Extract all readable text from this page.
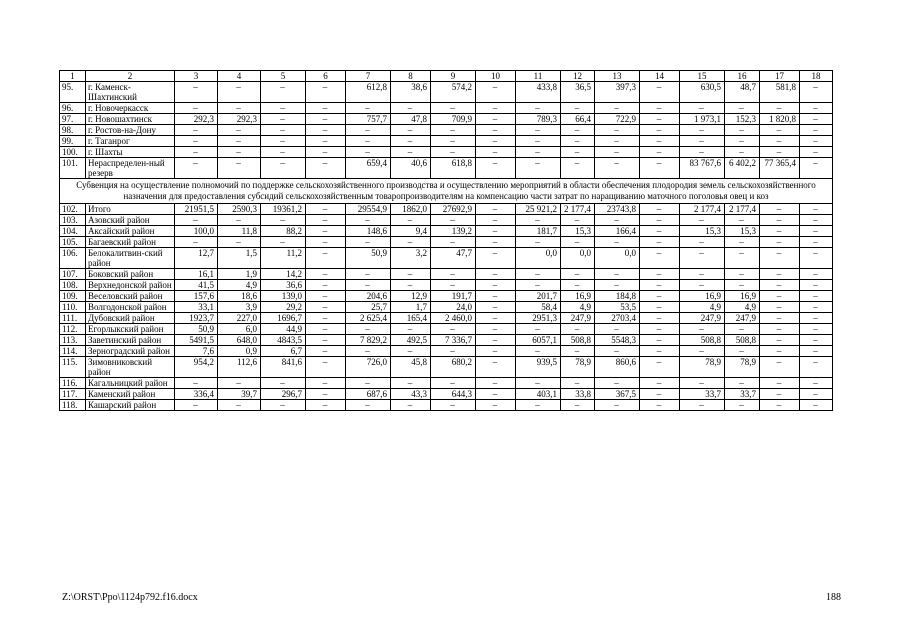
1	2	3	4	5	6	7	8	9	10	11	12	13	14	15	16	17	18
95.	г. Каменск-Шахтинский	–	–	–	–	612,8	38,6	574,2	–	433,8	36,5	397,3	–	630,5	48,7	581,8	–
96.	г. Новочеркасск	–	–	–	–	–	–	–	–	–	–	–	–	–	–	–	–
97.	г. Новошахтинск	292,3	292,3	–	–	757,7	47,8	709,9	–	789,3	66,4	722,9	–	1 973,1	152,3	1 820,8	–
98.	г. Ростов-на-Дону	–	–	–	–	–	–	–	–	–	–	–	–	–	–	–	–
99.	г. Таганрог	–	–	–	–	–	–	–	–	–	–	–	–	–	–	–	–
100.	г. Шахты	–	–	–	–	–	–	–	–	–	–	–	–	–	–	–	–
101.	Нераспределен-ный резерв	–	–	–	–	659,4	40,6	618,8	–	–	–	–	–	83 767,6	6 402,2	77 365,4	–
Субвенция на осуществление полномочий по поддержке сельскохозяйственного производства и осуществлению мероприятий в области обеспечения плодородия земель сельскохозяйственного назначения для предоставления субсидий сельскохозяйственным товаропроизводителям на компенсацию части затрат по наращиванию маточного поголовья овец и коз																	
102.	Итого	21951,5	2590,3	19361,2	–	29554,9	1862,0	27692,9	–	25 921,2	2 177,4	23743,8	–	2 177,4	2 177,4	–	–
103.	Азовский район	–	–	–	–	–	–	–	–	–	–	–	–	–	–	–	–
104.	Аксайский район	100,0	11,8	88,2	–	148,6	9,4	139,2	–	181,7	15,3	166,4	–	15,3	15,3	–	–
105.	Багаевский район	–	–	–	–	–	–	–	–	–	–	–	–	–	–	–	–
106.	Белокалитвин-ский район	12,7	1,5	11,2	–	50,9	3,2	47,7	–	0,0	0,0	0,0	–	–	–	–	–
107.	Боковский район	16,1	1,9	14,2	–	–	–	–	–	–	–	–	–	–	–	–	–
108.	Верхнедонской район	41,5	4,9	36,6	–	–	–	–	–	–	–	–	–	–	–	–	–
109.	Веселовский район	157,6	18,6	139,0	–	204,6	12,9	191,7	–	201,7	16,9	184,8	–	16,9	16,9	–	–
110.	Волгодонской район	33,1	3,9	29,2	–	25,7	1,7	24,0	–	58,4	4,9	53,5	–	4,9	4,9	–	–
111.	Дубовский район	1923,7	227,0	1696,7	–	2 625,4	165,4	2 460,0	–	2951,3	247,9	2703,4	–	247,9	247,9	–	–
112.	Егорлыкский район	50,9	6,0	44,9	–	–	–	–	–	–	–	–	–	–	–	–	–
113.	Заветинский район	5491,5	648,0	4843,5	–	7 829,2	492,5	7 336,7	–	6057,1	508,8	5548,3	–	508,8	508,8	–	–
114.	Зерноградский район	7,6	0,9	6,7	–	–	–	–	–	–	–	–	–	–	–	–	–
115.	Зимовниковский район	954,2	112,6	841,6	–	726,0	45,8	680,2	–	939,5	78,9	860,6	–	78,9	78,9	–	–
116.	Кагальницкий район	–	–	–	–	–	–	–	–	–	–	–	–	–	–	–	–
117.	Каменский район	336,4	39,7	296,7	–	687,6	43,3	644,3	–	403,1	33,8	367,5	–	33,7	33,7	–	–
118.	Кашарский район	–	–	–	–	–	–	–	–	–	–	–	–	–	–	–	–
Z:\ORST\Ppo\1124p792.f16.docx	188
